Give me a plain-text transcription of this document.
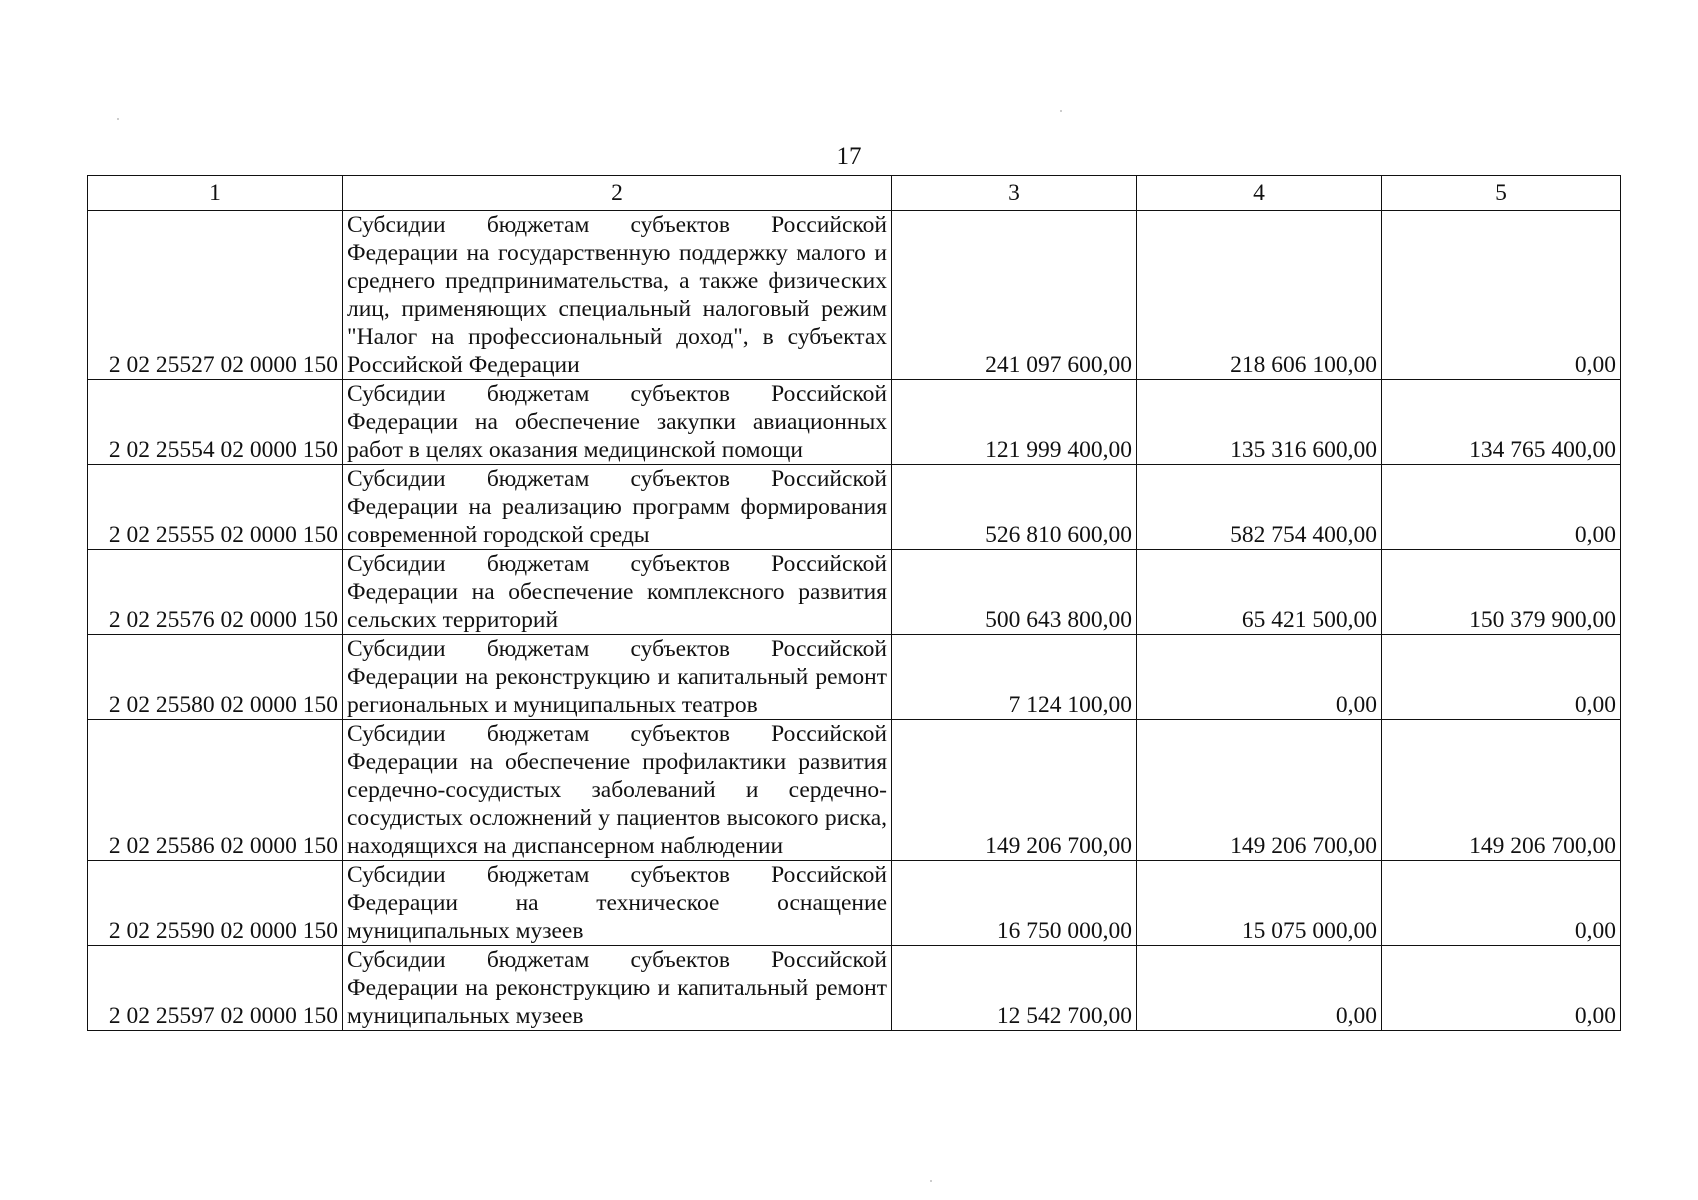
17
1	2	3	4	5
2 02 25527 02 0000 150	Субсидии бюджетам субъектов Российской Федерации на государственную поддержку малого и среднего предпринимательства, а также физических лиц, применяющих специальный налоговый режим "Налог на профессиональный доход", в субъектах Российской Федерации	241 097 600,00	218 606 100,00	0,00
2 02 25554 02 0000 150	Субсидии бюджетам субъектов Российской Федерации на обеспечение закупки авиационных работ в целях оказания медицинской помощи	121 999 400,00	135 316 600,00	134 765 400,00
2 02 25555 02 0000 150	Субсидии бюджетам субъектов Российской Федерации на реализацию программ формирования современной городской среды	526 810 600,00	582 754 400,00	0,00
2 02 25576 02 0000 150	Субсидии бюджетам субъектов Российской Федерации на обеспечение комплексного развития сельских территорий	500 643 800,00	65 421 500,00	150 379 900,00
2 02 25580 02 0000 150	Субсидии бюджетам субъектов Российской Федерации на реконструкцию и капитальный ремонт региональных и муниципальных театров	7 124 100,00	0,00	0,00
2 02 25586 02 0000 150	Субсидии бюджетам субъектов Российской Федерации на обеспечение профилактики развития сердечно-сосудистых заболеваний и сердечно-сосудистых осложнений у пациентов высокого риска, находящихся на диспансерном наблюдении	149 206 700,00	149 206 700,00	149 206 700,00
2 02 25590 02 0000 150	Субсидии бюджетам субъектов Российской Федерации на техническое оснащение муниципальных музеев	16 750 000,00	15 075 000,00	0,00
2 02 25597 02 0000 150	Субсидии бюджетам субъектов Российской Федерации на реконструкцию и капитальный ремонт муниципальных музеев	12 542 700,00	0,00	0,00
